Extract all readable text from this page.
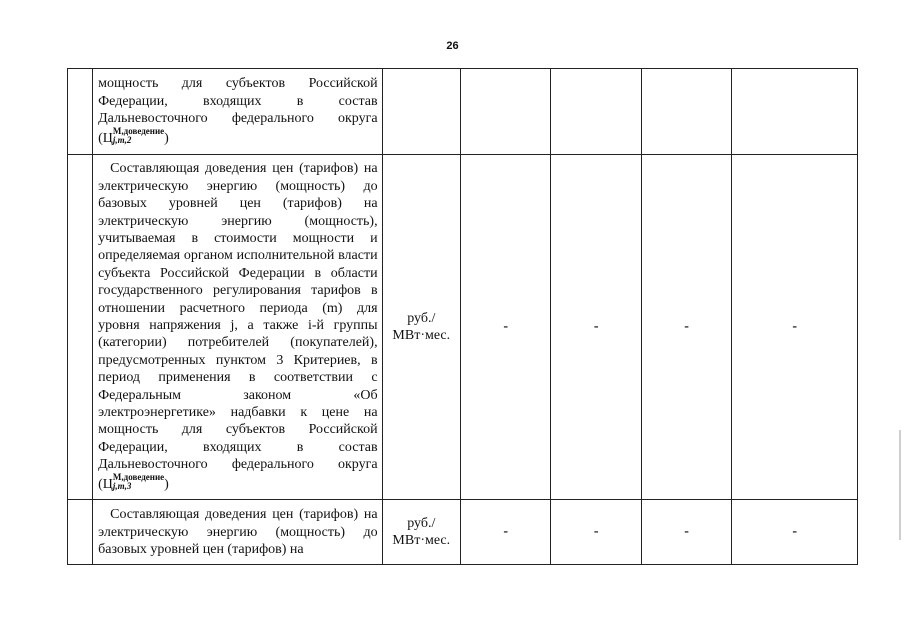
26

	мощность для субъектов Российской Федерации, входящих в состав Дальневосточного федерального округа (Ц М,доведение
j,m,2 )					

	Составляющая доведения цен (тарифов) на электрическую энергию (мощность) до базовых уровней цен (тарифов) на электрическую энергию (мощность), учитываемая в стоимости мощности и определяемая органом исполнительной власти субъекта Российской Федерации в области государственного регулирования тарифов в отношении расчетного периода (m) для уровня напряжения j, а также i-й группы (категории) потребителей (покупателей), предусмотренных пунктом 3 Критериев, в период применения в соответствии с Федеральным законом «Об электроэнергетике» надбавки к цене на мощность для субъектов Российской Федерации, входящих в состав Дальневосточного федерального округа (Ц М,доведение
j,m,3 )	руб./ МВт·мес.	-	-	-	-

	Составляющая доведения цен (тарифов) на электрическую энергию (мощность) до базовых уровней цен (тарифов) на	руб./ МВт·мес.	-	-	-	-
